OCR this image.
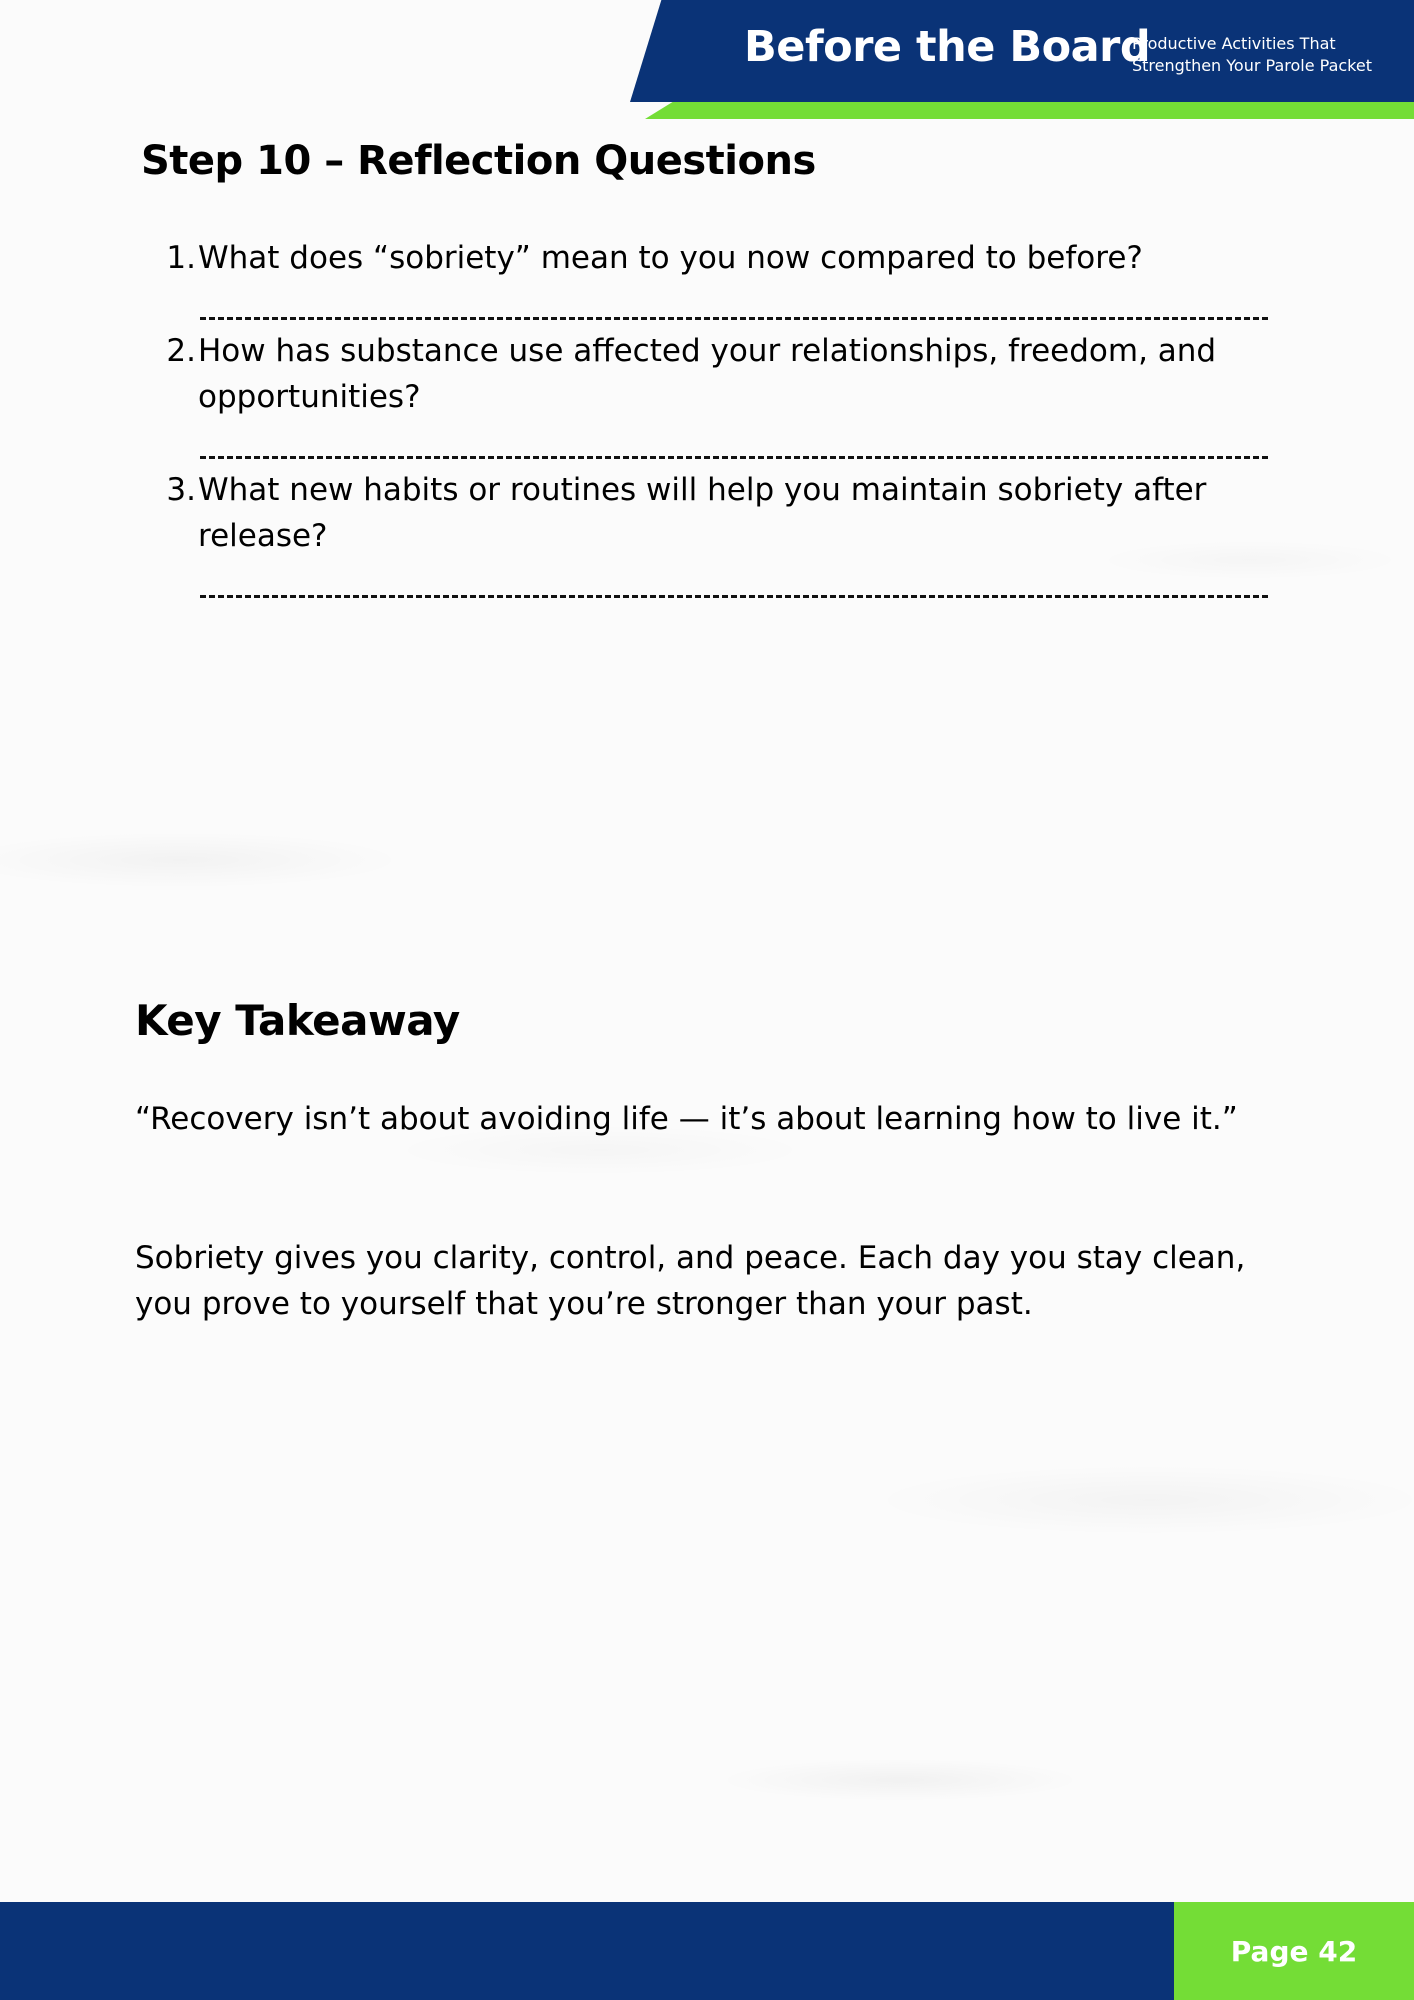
Before the Board
Productive Activities That
Strengthen Your Parole Packet
Step 10 – Reflection Questions
1. What does “sobriety” mean to you now compared to before?
2. How has substance use affected your relationships, freedom, and opportunities?
3. What new habits or routines will help you maintain sobriety after release?
Key Takeaway

“Recovery isn’t about avoiding life — it’s about learning how to live it.”

Sobriety gives you clarity, control, and peace. Each day you stay clean, you prove to yourself that you’re stronger than your past.

Page 42
